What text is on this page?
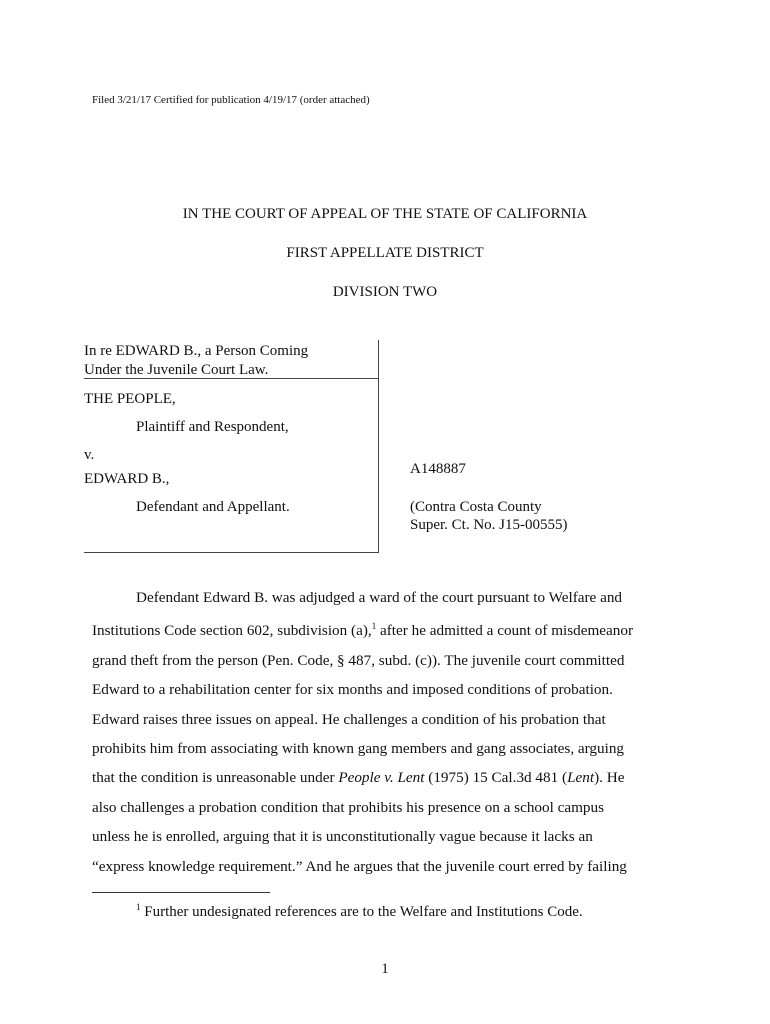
Filed 3/21/17 Certified for publication 4/19/17 (order attached)
IN THE COURT OF APPEAL OF THE STATE OF CALIFORNIA
FIRST APPELLATE DISTRICT
DIVISION TWO
In re EDWARD B., a Person Coming
Under the Juvenile Court Law.
THE PEOPLE,
Plaintiff and Respondent,
v.
EDWARD B.,
Defendant and Appellant.
A148887
(Contra Costa County
Super. Ct. No. J15-00555)

Defendant Edward B. was adjudged a ward of the court pursuant to Welfare and

Institutions Code section 602, subdivision (a),$^1$ after he admitted a count of misdemeanor

grand theft from the person (Pen. Code, § 487, subd. (c)). The juvenile court committed

Edward to a rehabilitation center for six months and imposed conditions of probation.

Edward raises three issues on appeal. He challenges a condition of his probation that

prohibits him from associating with known gang members and gang associates, arguing

that the condition is unreasonable under People v. Lent (1975) 15 Cal.3d 481 (Lent). He

also challenges a probation condition that prohibits his presence on a school campus

unless he is enrolled, arguing that it is unconstitutionally vague because it lacks an

“express knowledge requirement.” And he argues that the juvenile court erred by failing

$^1$ Further undesignated references are to the Welfare and Institutions Code.
1
